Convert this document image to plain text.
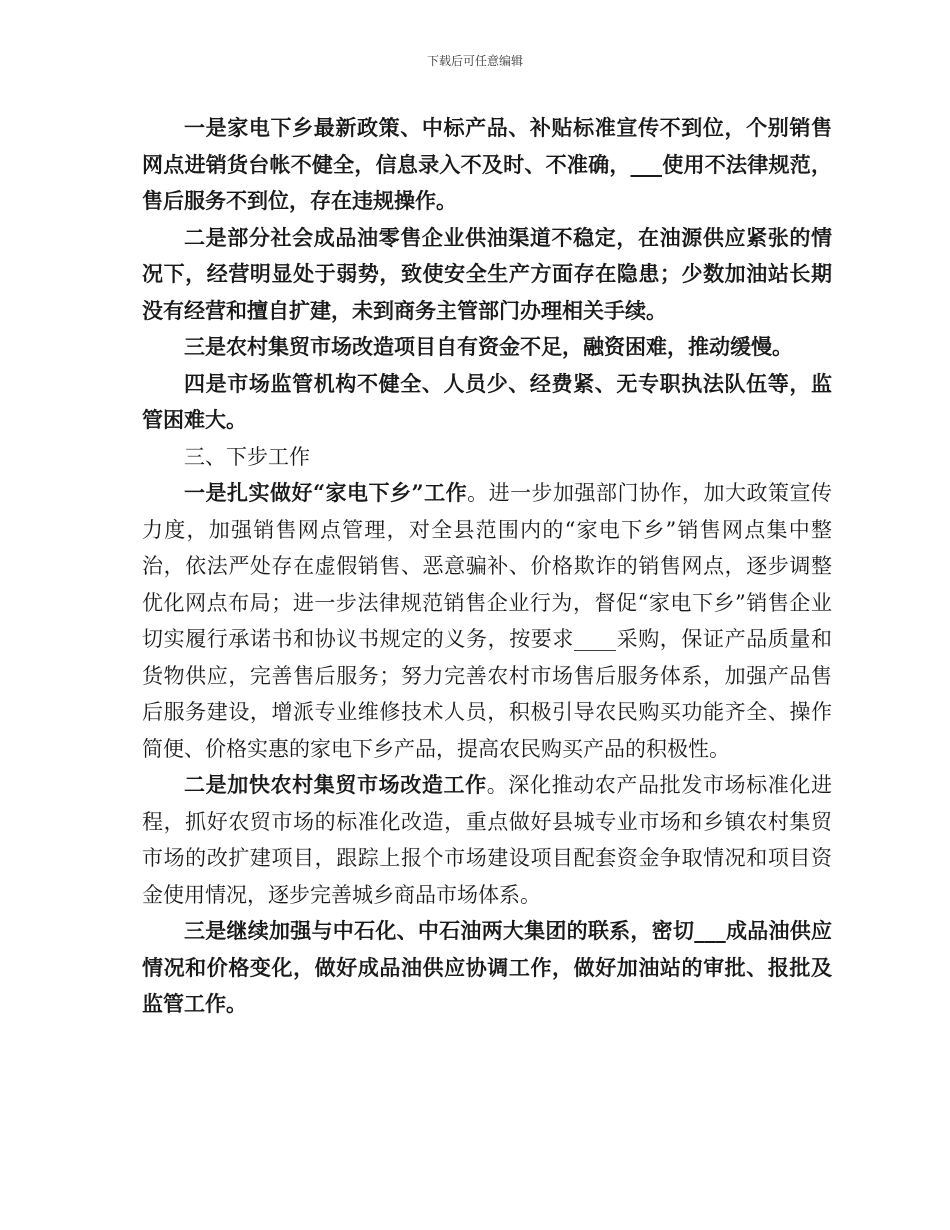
下载后可任意编辑

一是家电下乡最新政策、中标产品、补贴标准宣传不到位，个别销售网点进销货台帐不健全，信息录入不及时、不准确，___使用不法律规范，售后服务不到位，存在违规操作。

二是部分社会成品油零售企业供油渠道不稳定，在油源供应紧张的情况下，经营明显处于弱势，致使安全生产方面存在隐患；少数加油站长期没有经营和擅自扩建，未到商务主管部门办理相关手续。

三是农村集贸市场改造项目自有资金不足，融资困难，推动缓慢。

四是市场监管机构不健全、人员少、经费紧、无专职执法队伍等，监管困难大。

三、下步工作

一是扎实做好“家电下乡”工作。进一步加强部门协作，加大政策宣传力度，加强销售网点管理，对全县范围内的“家电下乡”销售网点集中整治，依法严处存在虚假销售、恶意骗补、价格欺诈的销售网点，逐步调整优化网点布局；进一步法律规范销售企业行为，督促“家电下乡”销售企业切实履行承诺书和协议书规定的义务，按要求____采购，保证产品质量和货物供应，完善售后服务；努力完善农村市场售后服务体系，加强产品售后服务建设，增派专业维修技术人员，积极引导农民购买功能齐全、操作简便、价格实惠的家电下乡产品，提高农民购买产品的积极性。

二是加快农村集贸市场改造工作。深化推动农产品批发市场标准化进程，抓好农贸市场的标准化改造，重点做好县城专业市场和乡镇农村集贸市场的改扩建项目，跟踪上报个市场建设项目配套资金争取情况和项目资金使用情况，逐步完善城乡商品市场体系。

三是继续加强与中石化、中石油两大集团的联系，密切___成品油供应情况和价格变化，做好成品油供应协调工作，做好加油站的审批、报批及监管工作。
